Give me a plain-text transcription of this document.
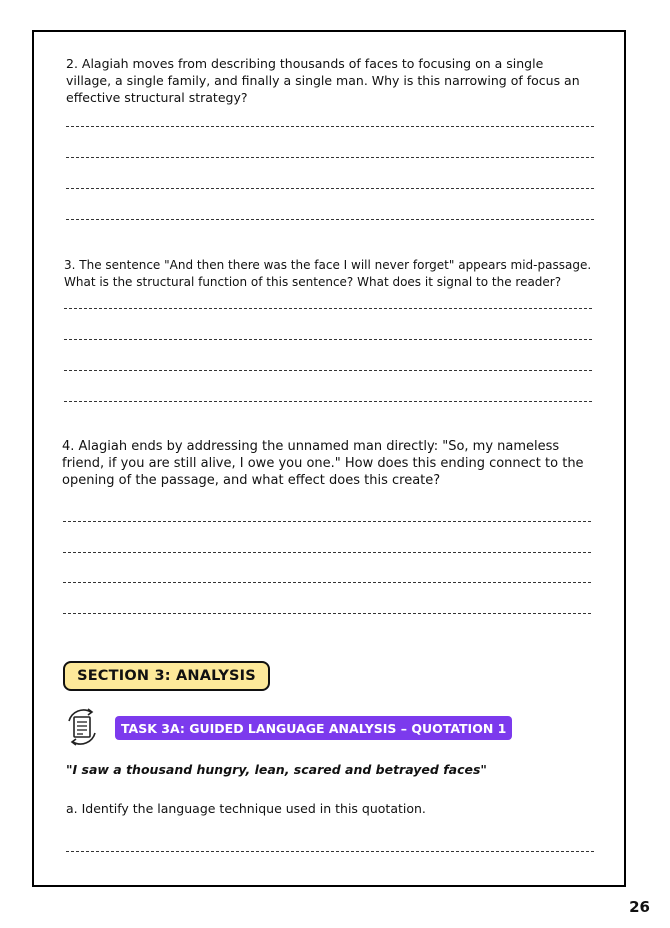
2. Alagiah moves from describing thousands of faces to focusing on a single village, a single family, and finally a single man. Why is this narrowing of focus an effective structural strategy?

3. The sentence "And then there was the face I will never forget" appears mid-passage. What is the structural function of this sentence? What does it signal to the reader?

4. Alagiah ends by addressing the unnamed man directly: "So, my nameless friend, if you are still alive, I owe you one." How does this ending connect to the opening of the passage, and what effect does this create?

SECTION 3: ANALYSIS
TASK 3A: GUIDED LANGUAGE ANALYSIS – QUOTATION 1

"I saw a thousand hungry, lean, scared and betrayed faces"

a. Identify the language technique used in this quotation.

26
